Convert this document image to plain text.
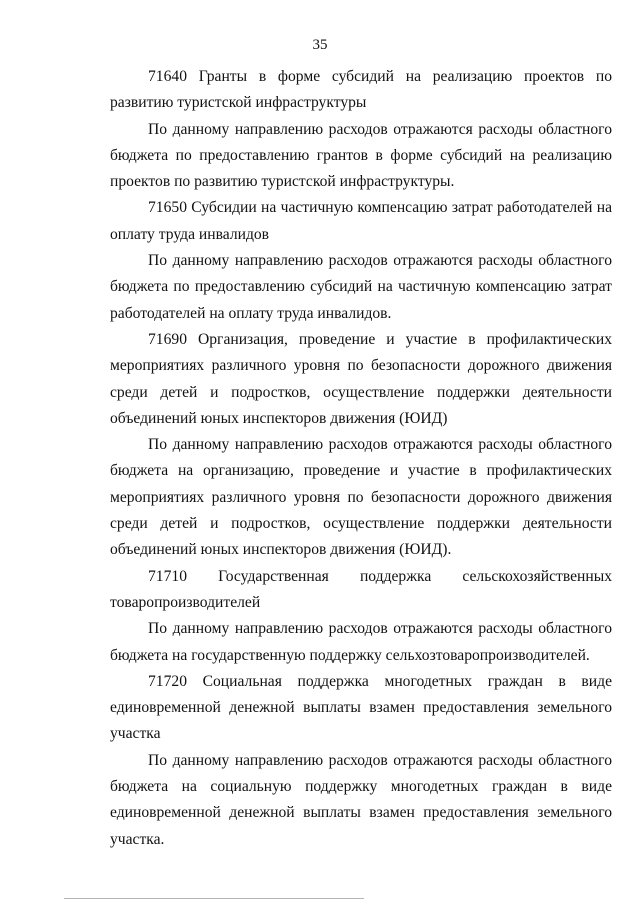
35

71640 Гранты в форме субсидий на реализацию проектов по развитию туристской инфраструктуры

По данному направлению расходов отражаются расходы областного бюджета по предоставлению грантов в форме субсидий на реализацию проектов по развитию туристской инфраструктуры.

71650 Субсидии на частичную компенсацию затрат работодателей на оплату труда инвалидов

По данному направлению расходов отражаются расходы областного бюджета по предоставлению субсидий на частичную компенсацию затрат работодателей на оплату труда инвалидов.

71690 Организация, проведение и участие в профилактических мероприятиях различного уровня по безопасности дорожного движения среди детей и подростков, осуществление поддержки деятельности объединений юных инспекторов движения (ЮИД)

По данному направлению расходов отражаются расходы областного бюджета на организацию, проведение и участие в профилактических мероприятиях различного уровня по безопасности дорожного движения среди детей и подростков, осуществление поддержки деятельности объединений юных инспекторов движения (ЮИД).

71710 Государственная поддержка сельскохозяйственных товаропроизводителей

По данному направлению расходов отражаются расходы областного бюджета на государственную поддержку сельхозтоваропроизводителей.

71720 Социальная поддержка многодетных граждан в виде единовременной денежной выплаты взамен предоставления земельного участка

По данному направлению расходов отражаются расходы областного бюджета на социальную поддержку многодетных граждан в виде единовременной денежной выплаты взамен предоставления земельного участка.
